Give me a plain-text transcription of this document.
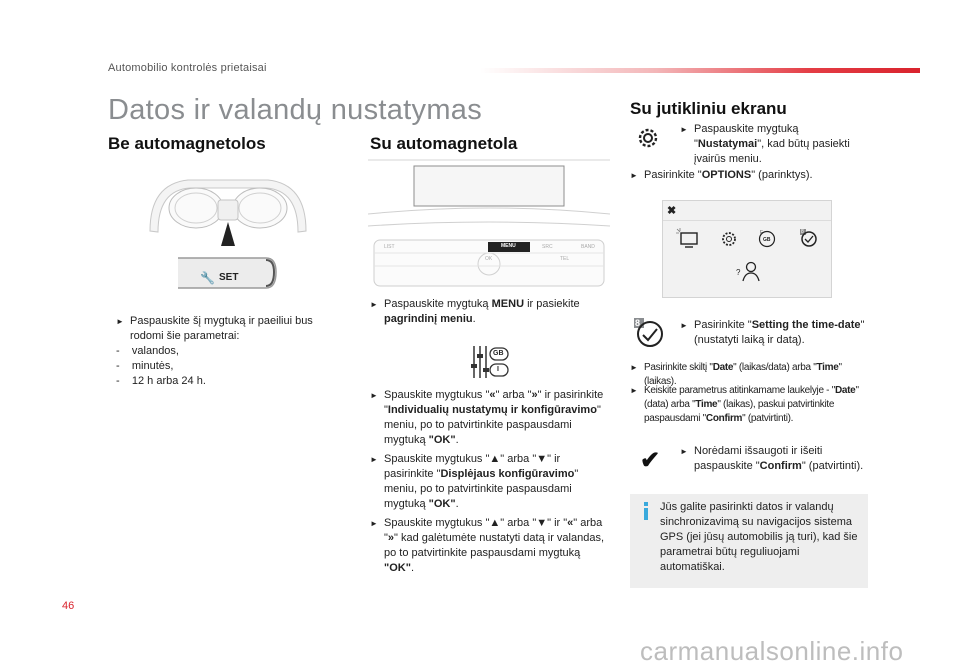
Automobilio kontrolės prietaisai
Datos ir valandų nustatymas
Be automagnetolos
🔧 SET
► Paspauskite šį mygtuką ir paeiliui bus rodomi šie parametrai:
-    valandos,
-    minutės,
-    12 h arba 24 h.
Su automagnetola
LIST	MENU	SRC	BAND
OK	TEL
► Paspauskite mygtuką MENU ir pasiekite pagrindinį meniu.
GB
I
► Spauskite mygtukus "«" arba "»" ir pasirinkite "Individualių nustatymų ir konfigūravimo" meniu, po to patvirtinkite paspausdami mygtuką "OK".
► Spauskite mygtukus "▲" arba "▼" ir pasirinkite "Displėjaus konfigūravimo" meniu, po to patvirtinkite paspausdami mygtuką "OK".
► Spauskite mygtukus "▲" arba "▼" ir "«" arba "»" kad galėtumėte nustatyti datą ir valandas, po to patvirtinkite paspausdami mygtuką "OK".
Su jutikliniu ekranu
► Paspauskite mygtuką "Nustatymai", kad būtų pasiekti įvairūs meniu.
► Pasirinkite "OPTIONS" (parinktys).
✖
F
GB
8
?
8	► Pasirinkite "Setting the time-date" (nustatyti laiką ir datą).
► Pasirinkite skiltį "Date" (laikas/data) arba "Time" (laikas).
► Keiskite parametrus atitinkamame laukelyje - "Date" (data) arba "Time" (laikas), paskui patvirtinkite paspausdami "Confirm" (patvirtinti).
✔ ► Norėdami išsaugoti ir išeiti paspauskite "Confirm" (patvirtinti).
Jūs galite pasirinkti datos ir valandų sinchronizavimą su navigacijos sistema GPS (jei jūsų automobilis ją turi), kad šie parametrai būtų reguliuojami automatiškai.
46
carmanualsonline.info
